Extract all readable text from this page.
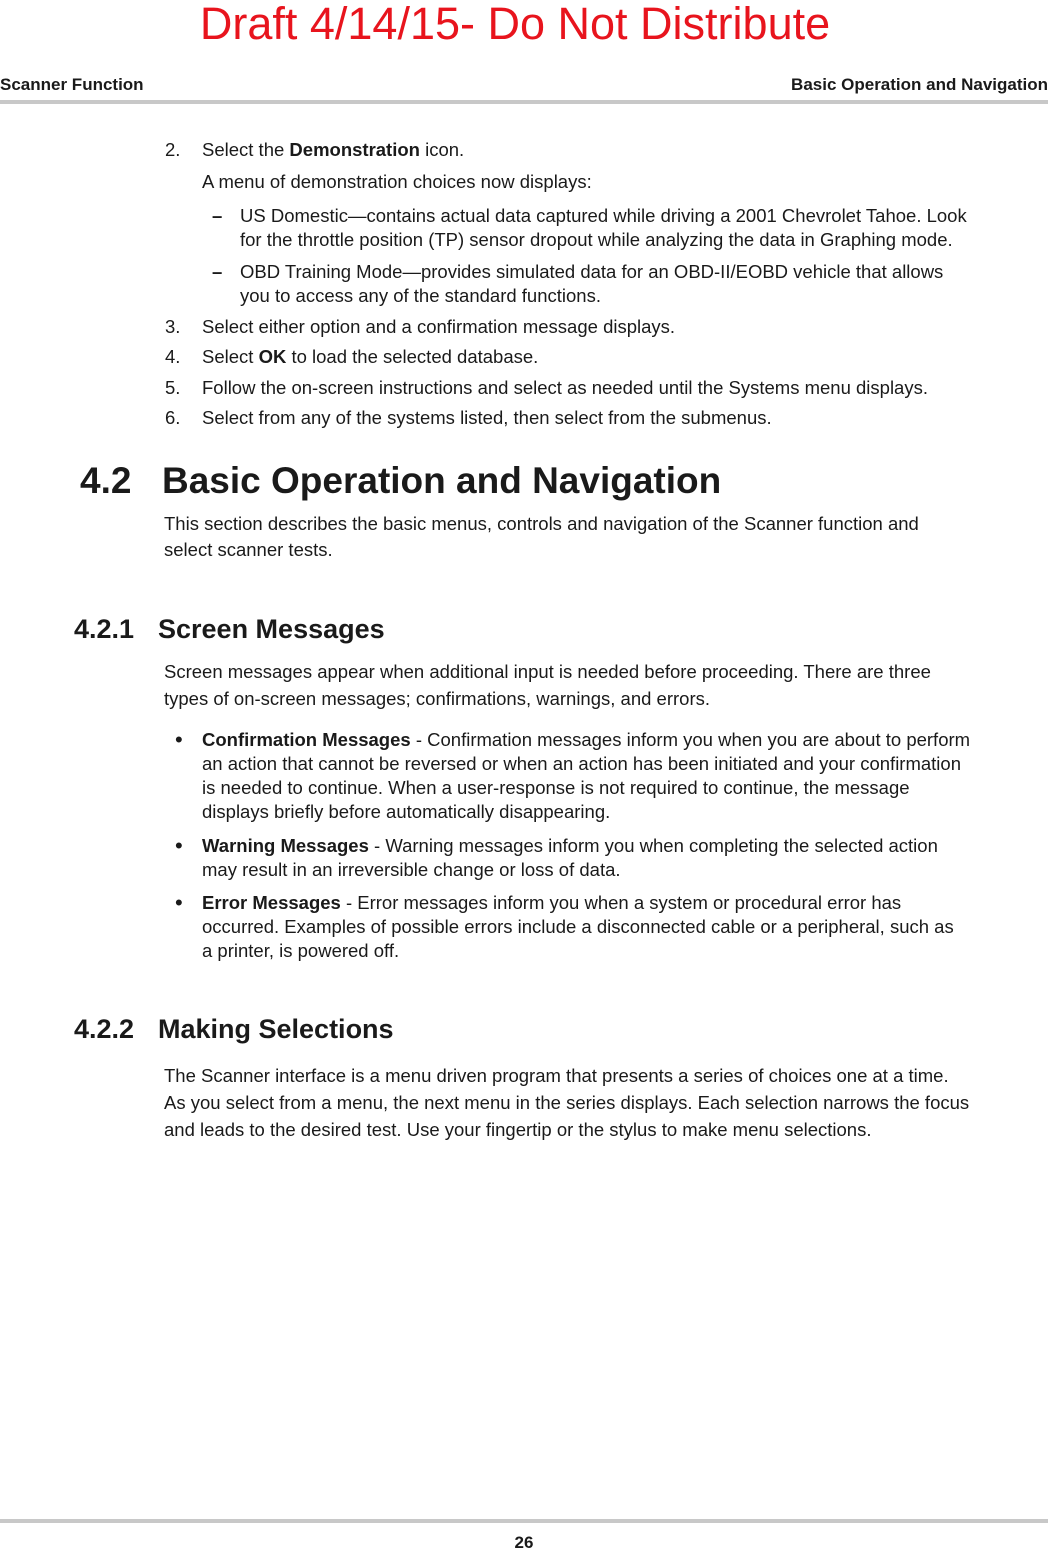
Draft 4/14/15- Do Not Distribute
Scanner Function	Basic Operation and Navigation
2. Select the Demonstration icon.
A menu of demonstration choices now displays:
– US Domestic—contains actual data captured while driving a 2001 Chevrolet Tahoe. Look
for the throttle position (TP) sensor dropout while analyzing the data in Graphing mode.
– OBD Training Mode—provides simulated data for an OBD-II/EOBD vehicle that allows
you to access any of the standard functions.
3. Select either option and a confirmation message displays.
4. Select OK to load the selected database.
5. Follow the on-screen instructions and select as needed until the Systems menu displays.
6. Select from any of the systems listed, then select from the submenus.
4.2 Basic Operation and Navigation
This section describes the basic menus, controls and navigation of the Scanner function and
select scanner tests.
4.2.1 Screen Messages
Screen messages appear when additional input is needed before proceeding. There are three
types of on-screen messages; confirmations, warnings, and errors.
• Confirmation Messages - Confirmation messages inform you when you are about to perform
an action that cannot be reversed or when an action has been initiated and your confirmation
is needed to continue. When a user-response is not required to continue, the message
displays briefly before automatically disappearing.
• Warning Messages - Warning messages inform you when completing the selected action
may result in an irreversible change or loss of data.
• Error Messages - Error messages inform you when a system or procedural error has
occurred. Examples of possible errors include a disconnected cable or a peripheral, such as
a printer, is powered off.
4.2.2 Making Selections
The Scanner interface is a menu driven program that presents a series of choices one at a time.
As you select from a menu, the next menu in the series displays. Each selection narrows the focus
and leads to the desired test. Use your fingertip or the stylus to make menu selections.
26
